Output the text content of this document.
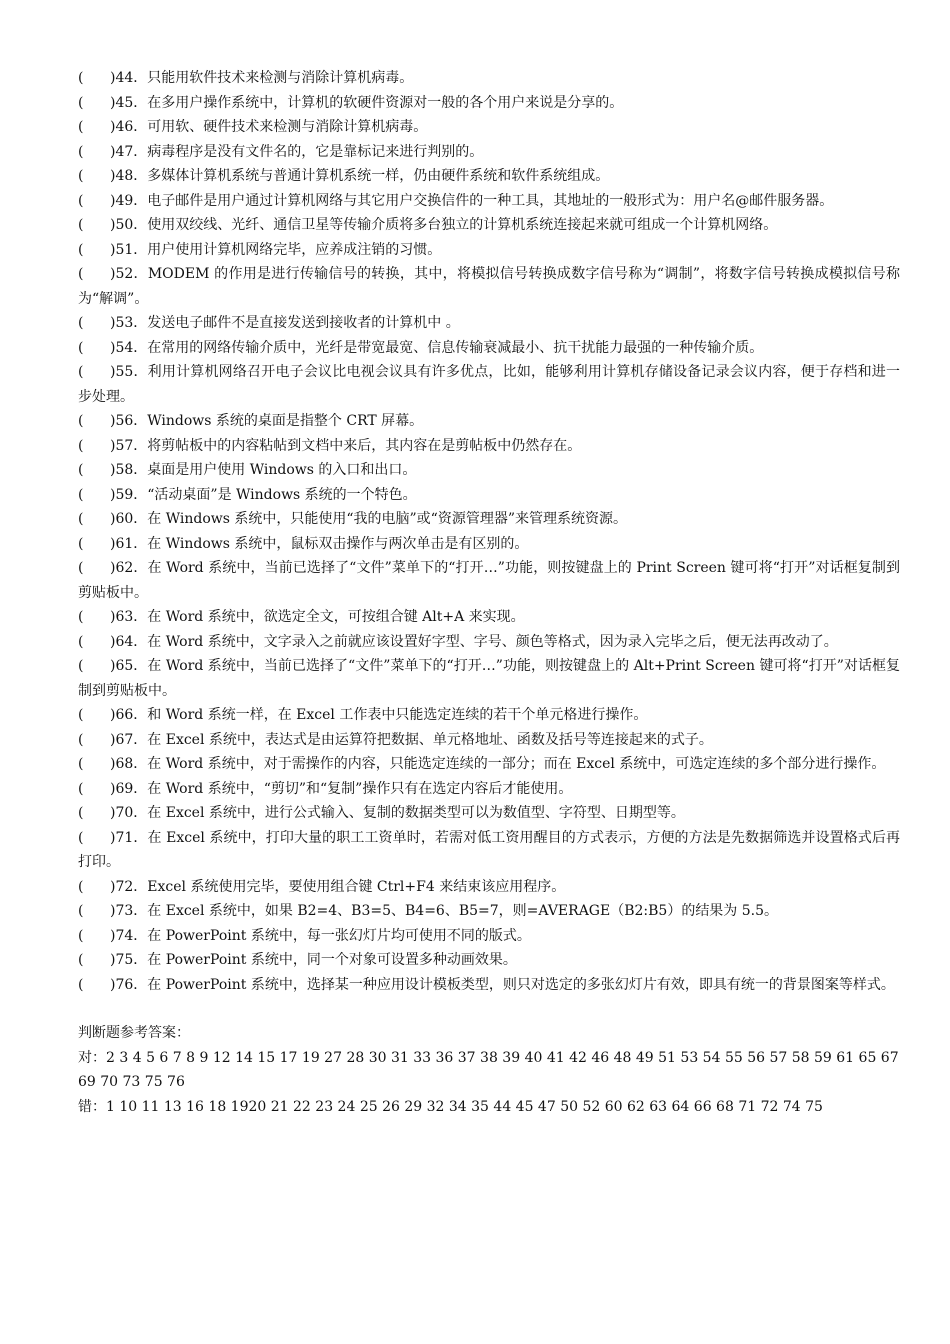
( )44．只能用软件技术来检测与消除计算机病毒。

( )45．在多用户操作系统中，计算机的软硬件资源对一般的各个用户来说是分享的。

( )46．可用软、硬件技术来检测与消除计算机病毒。

( )47．病毒程序是没有文件名的，它是靠标记来进行判别的。

( )48．多媒体计算机系统与普通计算机系统一样，仍由硬件系统和软件系统组成。

( )49．电子邮件是用户通过计算机网络与其它用户交换信件的一种工具，其地址的一般形式为：用户名@邮件服务器。

( )50．使用双绞线、光纤、通信卫星等传输介质将多台独立的计算机系统连接起来就可组成一个计算机网络。

( )51．用户使用计算机网络完毕，应养成注销的习惯。

( )52．MODEM 的作用是进行传输信号的转换，其中，将模拟信号转换成数字信号称为“调制”，将数字信号转换成模拟信号称为“解调”。

( )53．发送电子邮件不是直接发送到接收者的计算机中 。

( )54．在常用的网络传输介质中，光纤是带宽最宽、信息传输衰减最小、抗干扰能力最强的一种传输介质。

( )55．利用计算机网络召开电子会议比电视会议具有许多优点，比如，能够利用计算机存储设备记录会议内容，便于存档和进一步处理。

( )56．Windows 系统的桌面是指整个 CRT 屏幕。

( )57．将剪帖板中的内容粘帖到文档中来后，其内容在是剪帖板中仍然存在。

( )58．桌面是用户使用 Windows 的入口和出口。

( )59．“活动桌面”是 Windows 系统的一个特色。

( )60．在 Windows 系统中，只能使用“我的电脑”或“资源管理器”来管理系统资源。

( )61．在 Windows 系统中，鼠标双击操作与两次单击是有区别的。

( )62．在 Word 系统中，当前已选择了“文件”菜单下的“打开…”功能，则按键盘上的 Print Screen 键可将“打开”对话框复制到剪贴板中。

( )63．在 Word 系统中，欲选定全文，可按组合键 Alt+A 来实现。

( )64．在 Word 系统中，文字录入之前就应该设置好字型、字号、颜色等格式，因为录入完毕之后，便无法再改动了。

( )65．在 Word 系统中，当前已选择了“文件”菜单下的“打开…”功能，则按键盘上的 Alt+Print Screen 键可将“打开”对话框复制到剪贴板中。

( )66．和 Word 系统一样，在 Excel 工作表中只能选定连续的若干个单元格进行操作。

( )67．在 Excel 系统中，表达式是由运算符把数据、单元格地址、函数及括号等连接起来的式子。

( )68．在 Word 系统中，对于需操作的内容，只能选定连续的一部分；而在 Excel 系统中，可选定连续的多个部分进行操作。

( )69．在 Word 系统中，“剪切”和“复制”操作只有在选定内容后才能使用。

( )70．在 Excel 系统中，进行公式输入、复制的数据类型可以为数值型、字符型、日期型等。

( )71．在 Excel 系统中，打印大量的职工工资单时，若需对低工资用醒目的方式表示，方便的方法是先数据筛选并设置格式后再打印。

( )72．Excel 系统使用完毕，要使用组合键 Ctrl+F4 来结束该应用程序。

( )73．在 Excel 系统中，如果 B2=4、B3=5、B4=6、B5=7，则=AVERAGE（B2:B5）的结果为 5.5。

( )74．在 PowerPoint 系统中，每一张幻灯片均可使用不同的版式。

( )75．在 PowerPoint 系统中，同一个对象可设置多种动画效果。

( )76．在 PowerPoint 系统中，选择某一种应用设计模板类型，则只对选定的多张幻灯片有效，即具有统一的背景图案等样式。

判断题参考答案：

对：2 3 4 5 6 7 8 9 12 14 15 17 19 27 28 30 31 33 36 37 38 39 40 41 42 46 48 49 51 53 54 55 56 57 58 59 61 65 67 69 70 73 75 76

错：1 10 11 13 16 18 1920 21 22 23 24 25 26 29 32 34 35 44 45 47 50 52 60 62 63 64 66 68 71 72 74 75
